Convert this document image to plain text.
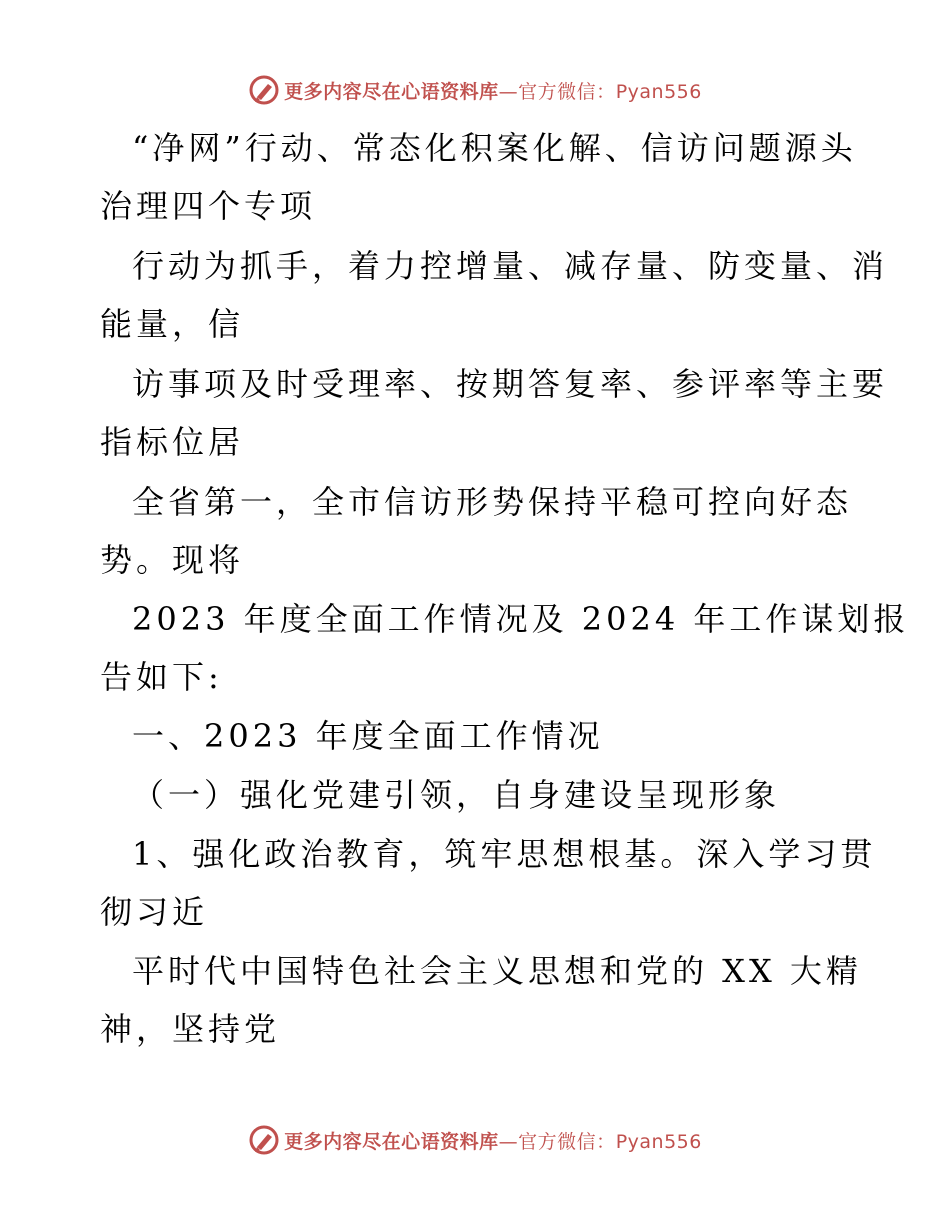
更多内容尽在心语资料库—官方微信：Pyan556
“净网”行动、常态化积案化解、信访问题源头
治理四个专项
行动为抓手，着力控增量、减存量、防变量、消
能量，信
访事项及时受理率、按期答复率、参评率等主要
指标位居
全省第一，全市信访形势保持平稳可控向好态
势。现将
2023 年度全面工作情况及 2024 年工作谋划报
告如下:
一、2023 年度全面工作情况
（一）强化党建引领，自身建设呈现形象
1、强化政治教育，筑牢思想根基。深入学习贯
彻习近
平时代中国特色社会主义思想和党的 XX 大精
神，坚持党
更多内容尽在心语资料库—官方微信：Pyan556
